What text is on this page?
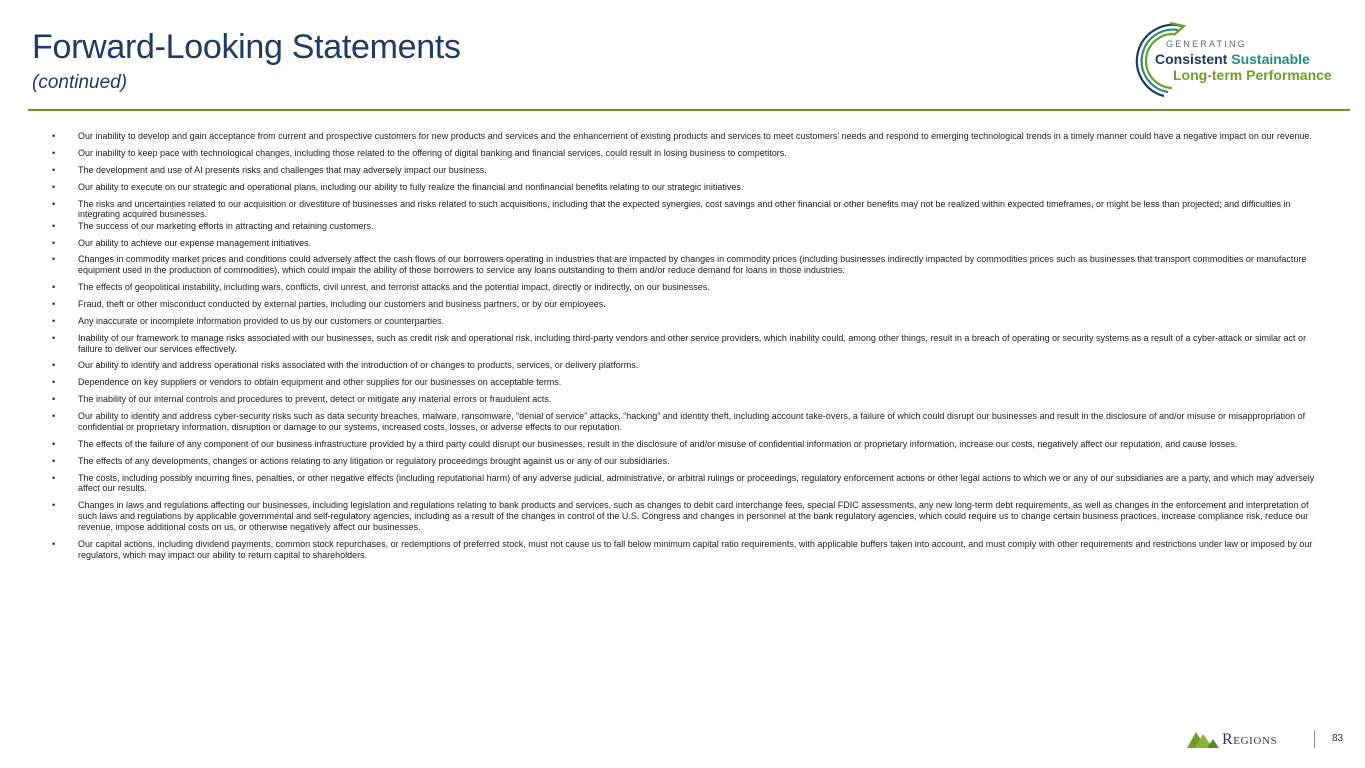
Forward-Looking Statements
(continued)
GENERATING
Consistent Sustainable
Long-term Performance
• Our inability to develop and gain acceptance from current and prospective customers for new products and services and the enhancement of existing products and services to meet customers’ needs and respond to emerging technological trends in a timely manner could have a negative impact on our revenue.
• Our inability to keep pace with technological changes, including those related to the offering of digital banking and financial services, could result in losing business to competitors.
• The development and use of AI presents risks and challenges that may adversely impact our business.
• Our ability to execute on our strategic and operational plans, including our ability to fully realize the financial and nonfinancial benefits relating to our strategic initiatives.
• The risks and uncertainties related to our acquisition or divestiture of businesses and risks related to such acquisitions, including that the expected synergies, cost savings and other financial or other benefits may not be realized within expected timeframes, or might be less than projected; and difficulties in integrating acquired businesses.
• The success of our marketing efforts in attracting and retaining customers.
• Our ability to achieve our expense management initiatives.
• Changes in commodity market prices and conditions could adversely affect the cash flows of our borrowers operating in industries that are impacted by changes in commodity prices (including businesses indirectly impacted by commodities prices such as businesses that transport commodities or manufacture equipment used in the production of commodities), which could impair the ability of those borrowers to service any loans outstanding to them and/or reduce demand for loans in those industries.
• The effects of geopolitical instability, including wars, conflicts, civil unrest, and terrorist attacks and the potential impact, directly or indirectly, on our businesses.
• Fraud, theft or other misconduct conducted by external parties, including our customers and business partners, or by our employees.
• Any inaccurate or incomplete information provided to us by our customers or counterparties.
• Inability of our framework to manage risks associated with our businesses, such as credit risk and operational risk, including third-party vendors and other service providers, which inability could, among other things, result in a breach of operating or security systems as a result of a cyber-attack or similar act or failure to deliver our services effectively.
• Our ability to identify and address operational risks associated with the introduction of or changes to products, services, or delivery platforms.
• Dependence on key suppliers or vendors to obtain equipment and other supplies for our businesses on acceptable terms.
• The inability of our internal controls and procedures to prevent, detect or mitigate any material errors or fraudulent acts.
• Our ability to identify and address cyber-security risks such as data security breaches, malware, ransomware, “denial of service” attacks, “hacking” and identity theft, including account take-overs, a failure of which could disrupt our businesses and result in the disclosure of and/or misuse or misappropriation of confidential or proprietary information, disruption or damage to our systems, increased costs, losses, or adverse effects to our reputation.
• The effects of the failure of any component of our business infrastructure provided by a third party could disrupt our businesses, result in the disclosure of and/or misuse of confidential information or proprietary information, increase our costs, negatively affect our reputation, and cause losses.
• The effects of any developments, changes or actions relating to any litigation or regulatory proceedings brought against us or any of our subsidiaries.
• The costs, including possibly incurring fines, penalties, or other negative effects (including reputational harm) of any adverse judicial, administrative, or arbitral rulings or proceedings, regulatory enforcement actions or other legal actions to which we or any of our subsidiaries are a party, and which may adversely affect our results.
• Changes in laws and regulations affecting our businesses, including legislation and regulations relating to bank products and services, such as changes to debit card interchange fees, special FDIC assessments, any new long-term debt requirements, as well as changes in the enforcement and interpretation of such laws and regulations by applicable governmental and self-regulatory agencies, including as a result of the changes in control of the U.S. Congress and changes in personnel at the bank regulatory agencies, which could require us to change certain business practices, increase compliance risk, reduce our revenue, impose additional costs on us, or otherwise negatively affect our businesses.
• Our capital actions, including dividend payments, common stock repurchases, or redemptions of preferred stock, must not cause us to fall below minimum capital ratio requirements, with applicable buffers taken into account, and must comply with other requirements and restrictions under law or imposed by our regulators, which may impact our ability to return capital to shareholders.
Regions	83
